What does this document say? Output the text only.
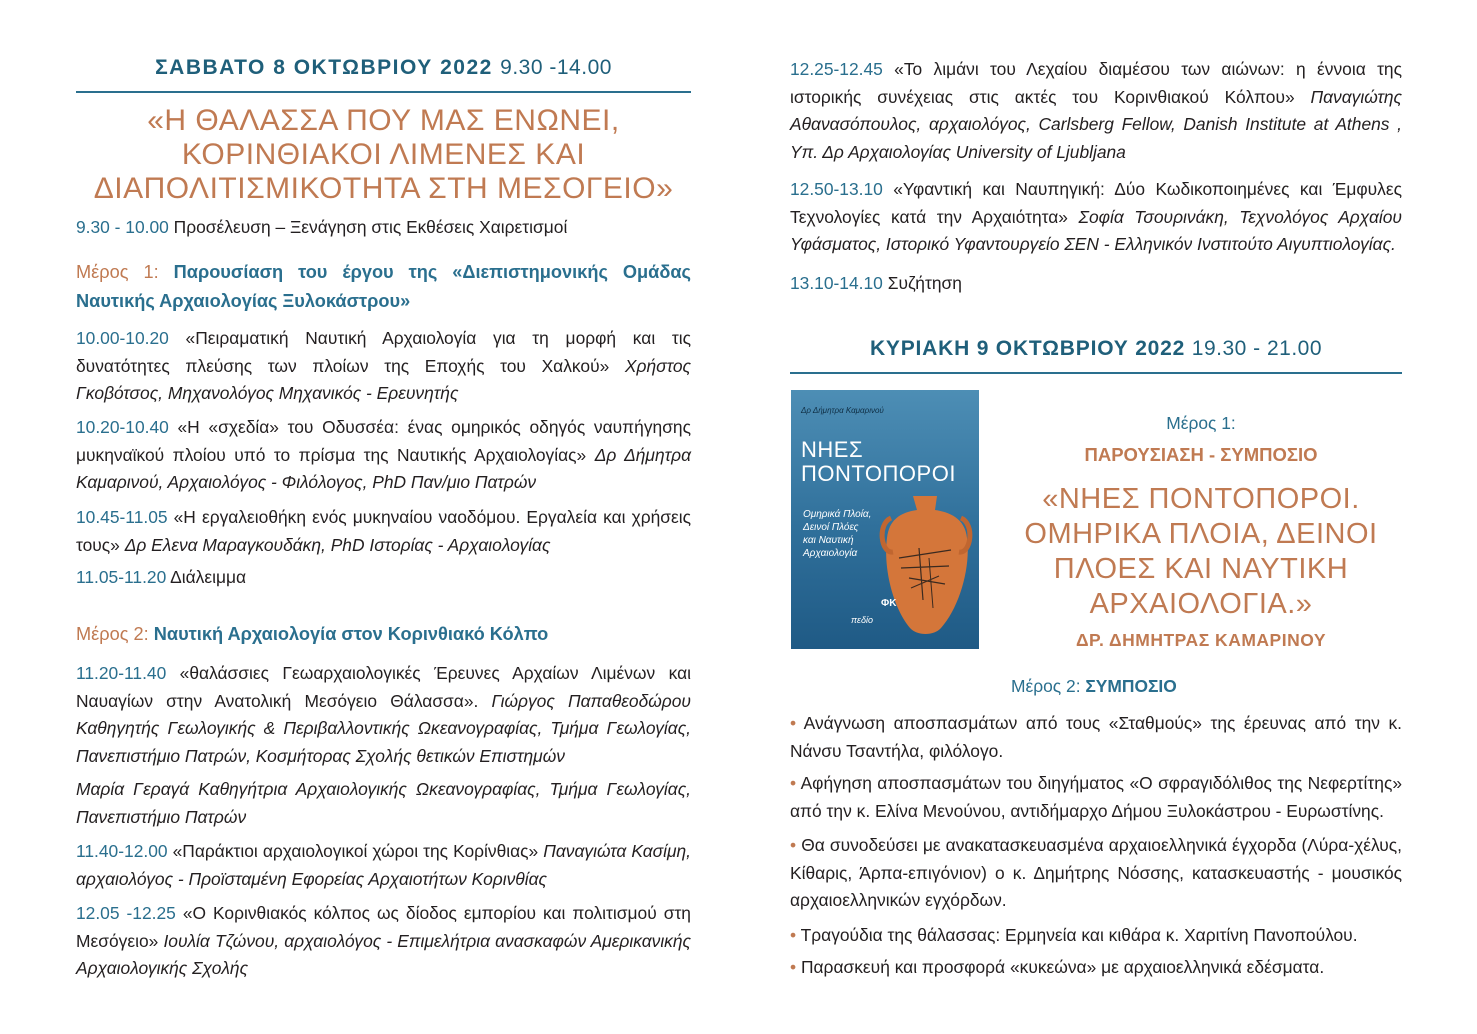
ΣΑΒΒΑΤΟ 8 ΟΚΤΩΒΡΙΟΥ 2022 9.30 -14.00
«Η ΘΑΛΑΣΣΑ ΠΟΥ ΜΑΣ ΕΝΩΝΕΙ,
ΚΟΡΙΝΘΙΑΚΟΙ ΛΙΜΕΝΕΣ ΚΑΙ
ΔΙΑΠΟΛΙΤΙΣΜΙΚΟΤΗΤΑ ΣΤΗ ΜΕΣΟΓΕΙΟ»
9.30 - 10.00 Προσέλευση – Ξενάγηση στις Εκθέσεις Χαιρετισμοί
Μέρος 1: Παρουσίαση του έργου της «Διεπιστημονικής Ομάδας Ναυτικής Αρχαιολογίας Ξυλοκάστρου»
10.00-10.20 «Πειραματική Ναυτική Αρχαιολογία για τη μορφή και τις δυνατότητες πλεύσης των πλοίων της Εποχής του Χαλκού» Χρήστος Γκοβότσος, Μηχανολόγος Μηχανικός - Ερευνητής
10.20-10.40 «Η «σχεδία» του Οδυσσέα: ένας ομηρικός οδηγός ναυπήγησης μυκηναϊκού πλοίου υπό το πρίσμα της Ναυτικής Αρχαιολογίας» Δρ Δήμητρα Καμαρινού, Αρχαιολόγος - Φιλόλογος, PhD Παν/μιο Πατρών
10.45-11.05 «Η εργαλειοθήκη ενός μυκηναίου ναοδόμου. Εργαλεία και χρήσεις τους» Δρ Ελενα Μαραγκουδάκη, PhD Ιστορίας - Αρχαιολογίας
11.05-11.20 Διάλειμμα
Μέρος 2: Ναυτική Αρχαιολογία στον Κορινθιακό Κόλπο
11.20-11.40 «θαλάσσιες Γεωαρχαιολογικές Έρευνες Αρχαίων Λιμένων και Ναυαγίων στην Ανατολική Μεσόγειο Θάλασσα». Γιώργος Παπαθεοδώρου Καθηγητής Γεωλογικής & Περιβαλλοντικής Ωκεανογραφίας, Τμήμα Γεωλογίας, Πανεπιστήμιο Πατρών, Κοσμήτορας Σχολής θετικών Επιστημών
Μαρία Γεραγά Καθηγήτρια Αρχαιολογικής Ωκεανογραφίας, Τμήμα Γεωλογίας, Πανεπιστήμιο Πατρών
11.40-12.00 «Παράκτιοι αρχαιολογικοί χώροι της Κορίνθιας» Παναγιώτα Κασίμη, αρχαιολόγος - Προϊσταμένη Εφορείας Αρχαιοτήτων Κορινθίας
12.05 -12.25 «Ο Κορινθιακός κόλπος ως δίοδος εμπορίου και πολιτισμού στη Μεσόγειο» Ιουλία Τζώνου, αρχαιολόγος - Επιμελήτρια ανασκαφών Αμερικανικής Αρχαιολογικής Σχολής
12.25-12.45 «Το λιμάνι του Λεχαίου διαμέσου των αιώνων: η έννοια της ιστορικής συνέχειας στις ακτές του Κορινθιακού Κόλπου» Παναγιώτης Αθανασόπουλος, αρχαιολόγος, Carlsberg Fellow, Danish Institute at Athens , Υπ. Δρ Αρχαιολογίας University of Ljubljana
12.50-13.10 «Υφαντική και Ναυπηγική: Δύο Κωδικοποιημένες και Έμφυλες Τεχνολογίες κατά την Αρχαιότητα» Σοφία Τσουρινάκη, Τεχνολόγος Αρχαίου Υφάσματος, Ιστορικό Υφαντουργείο ΣΕΝ - Ελληνικόν Ινστιτούτο Αιγυπτιολογίας.
13.10-14.10 Συζήτηση
ΚΥΡΙΑΚΗ 9 ΟΚΤΩΒΡΙΟΥ 2022 19.30 - 21.00
Δρ Δήμητρα Καμαρινού
ΝΗΕΣ
ΠΟΝΤΟΠΟΡΟΙ
Ομηρικά Πλοία,
Δεινοί Πλόες
και Ναυτική
Αρχαιολογία
ΦΚ
πεδίο
Μέρος 1:
ΠΑΡΟΥΣΙΑΣΗ - ΣΥΜΠΟΣΙΟ
«ΝΗΕΣ ΠΟΝΤΟΠΟΡΟΙ.
ΟΜΗΡΙΚΑ ΠΛΟΙΑ, ΔΕΙΝΟΙ
ΠΛΟΕΣ ΚΑΙ ΝΑΥΤΙΚΗ
ΑΡΧΑΙΟΛΟΓΙΑ.»
ΔΡ. ΔΗΜΗΤΡΑΣ ΚΑΜΑΡΙΝΟΥ
Μέρος 2: ΣΥΜΠΟΣΙΟ
• Ανάγνωση αποσπασμάτων από τους «Σταθμούς» της έρευνας από την κ. Νάνσυ Τσαντήλα, φιλόλογο.
• Αφήγηση αποσπασμάτων του διηγήματος «Ο σφραγιδόλιθος της Νεφερτίτης» από την κ. Ελίνα Μενούνου, αντιδήμαρχο Δήμου Ξυλοκάστρου - Ευρωστίνης.
• Θα συνοδεύσει με ανακατασκευασμένα αρχαιοελληνικά έγχορδα (Λύρα-χέλυς, Κίθαρις, Άρπα-επιγόνιον) ο κ. Δημήτρης Νόσσης, κατασκευαστής - μουσικός αρχαιοελληνικών εγχόρδων.
• Τραγούδια της θάλασσας: Ερμηνεία και κιθάρα κ. Χαριτίνη Πανοπούλου.
• Παρασκευή και προσφορά «κυκεώνα» με αρχαιοελληνικά εδέσματα.
